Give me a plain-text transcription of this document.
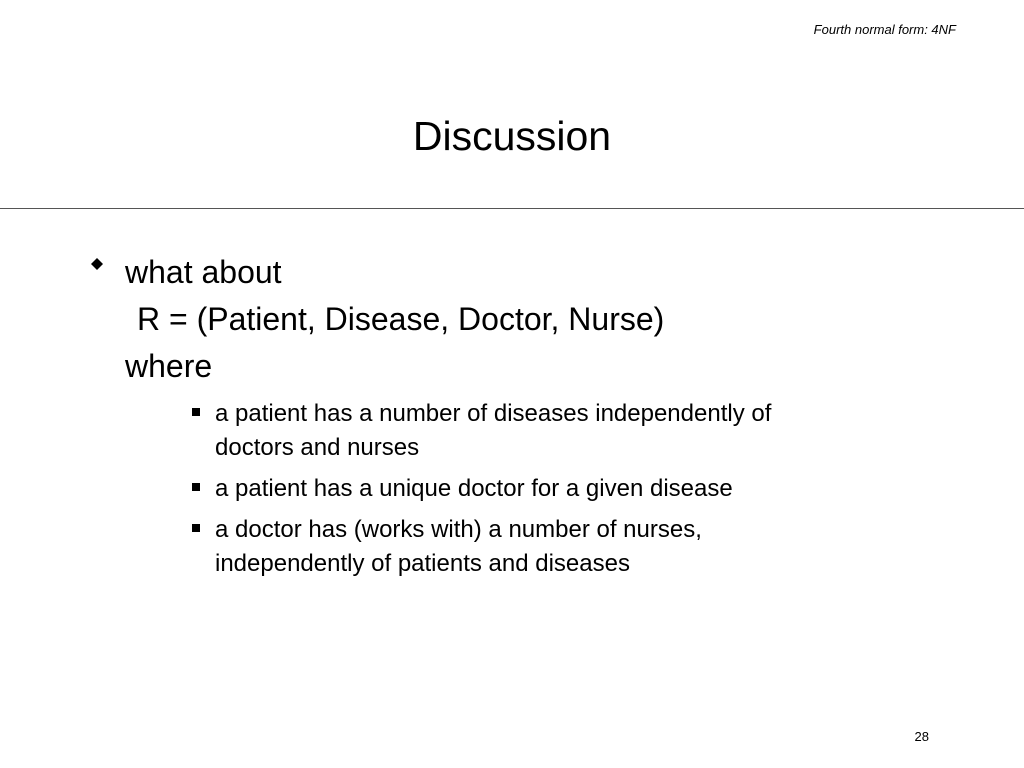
Fourth normal form: 4NF
Discussion
what about
R = (Patient, Disease, Doctor, Nurse)
where
a patient has a number of diseases independently of
doctors and nurses
a patient has a unique doctor for a given disease
a doctor has (works with) a number of nurses,
independently of patients and diseases
28
